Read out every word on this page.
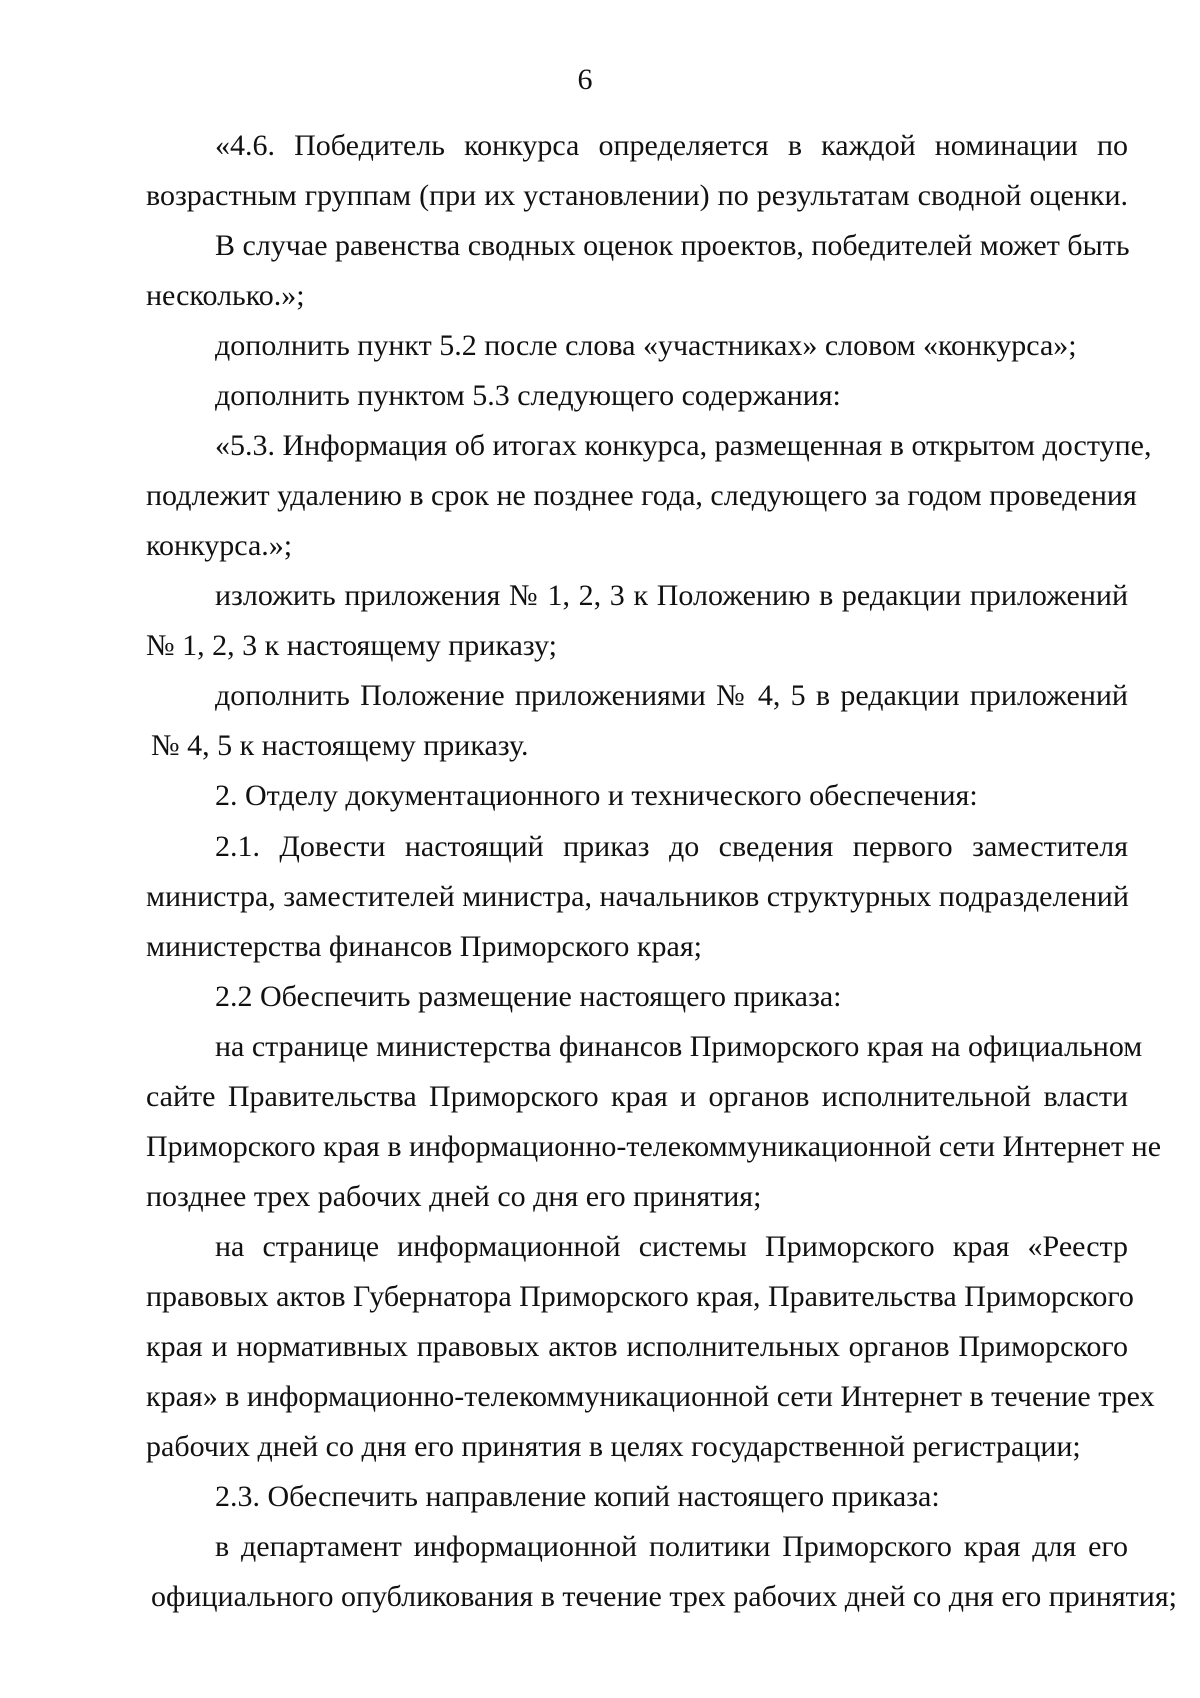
6
«4.6. Победитель конкурса определяется в каждой номинации по
возрастным группам (при их установлении) по результатам сводной оценки.
В случае равенства сводных оценок проектов, победителей может быть
несколько.»;
дополнить пункт 5.2 после слова «участниках» словом «конкурса»;
дополнить пунктом 5.3 следующего содержания:
«5.3. Информация об итогах конкурса, размещенная в открытом доступе,
подлежит удалению в срок не позднее года, следующего за годом проведения
конкурса.»;
изложить приложения № 1, 2, 3 к Положению в редакции приложений
№ 1, 2, 3 к настоящему приказу;
дополнить Положение приложениями № 4, 5 в редакции приложений
№ 4, 5 к настоящему приказу.
2. Отделу документационного и технического обеспечения:
2.1. Довести настоящий приказ до сведения первого заместителя
министра, заместителей министра, начальников структурных подразделений
министерства финансов Приморского края;
2.2 Обеспечить размещение настоящего приказа:
на странице министерства финансов Приморского края на официальном
сайте Правительства Приморского края и органов исполнительной власти
Приморского края в информационно-телекоммуникационной сети Интернет не
позднее трех рабочих дней со дня его принятия;
на странице информационной системы Приморского края «Реестр
правовых актов Губернатора Приморского края, Правительства Приморского
края и нормативных правовых актов исполнительных органов Приморского
края» в информационно-телекоммуникационной сети Интернет в течение трех
рабочих дней со дня его принятия в целях государственной регистрации;
2.3. Обеспечить направление копий настоящего приказа:
в департамент информационной политики Приморского края для его
официального опубликования в течение трех рабочих дней со дня его принятия;
